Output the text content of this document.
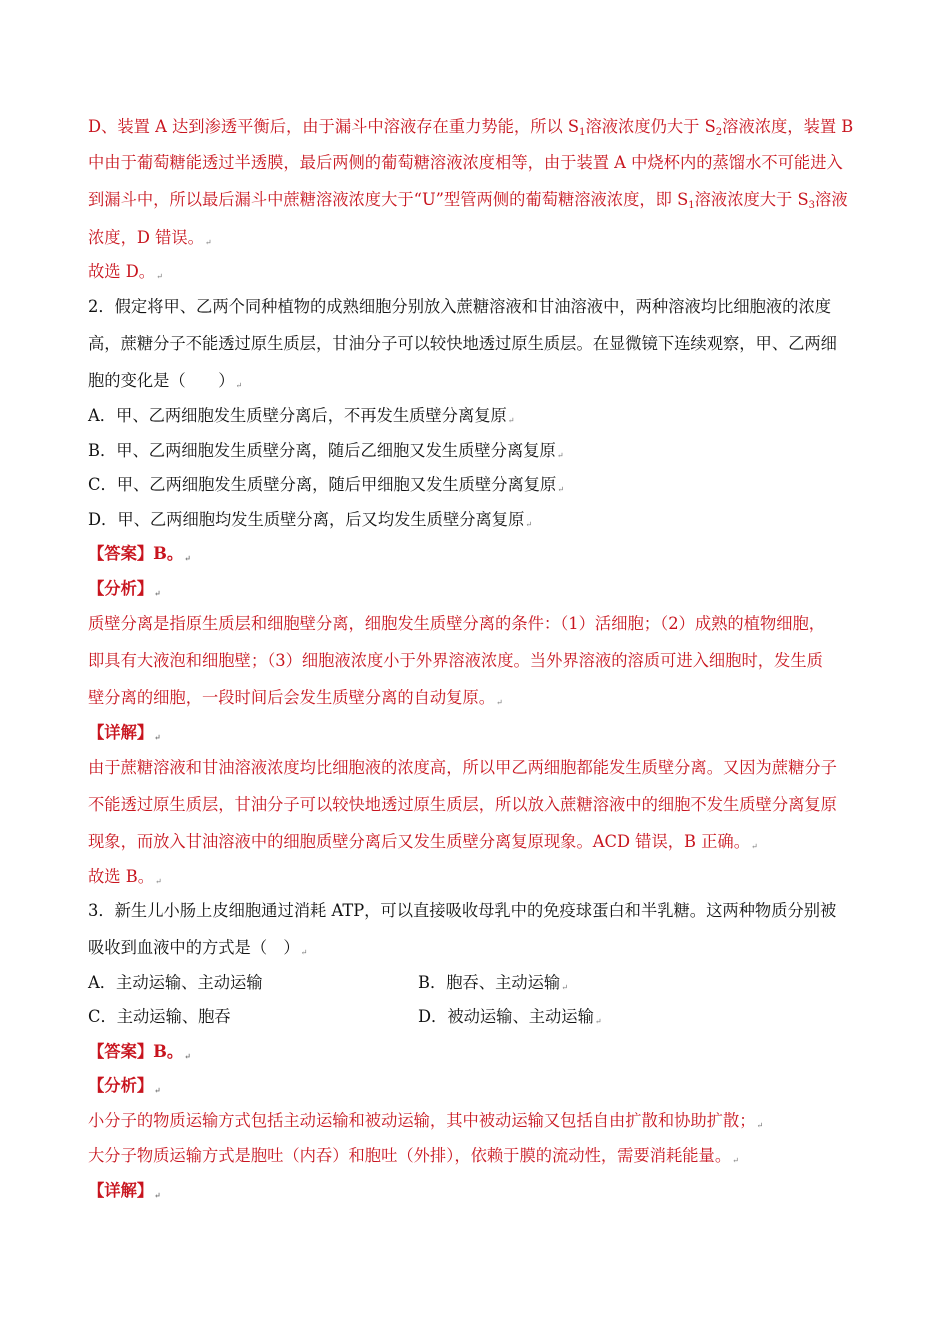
D、装置 A 达到渗透平衡后，由于漏斗中溶液存在重力势能，所以 $S_1$溶液浓度仍大于 $S_2$溶液浓度，装置 B
中由于葡萄糖能透过半透膜，最后两侧的葡萄糖溶液浓度相等，由于装置 A 中烧杯内的蒸馏水不可能进入
到漏斗中，所以最后漏斗中蔗糖溶液浓度大于“U”型管两侧的葡萄糖溶液浓度，即 $S_1$溶液浓度大于 $S_3$溶液
浓度，D 错误。↵
故选 D。↵
2．假定将甲、乙两个同种植物的成熟细胞分别放入蔗糖溶液和甘油溶液中，两种溶液均比细胞液的浓度
高，蔗糖分子不能透过原生质层，甘油分子可以较快地透过原生质层。在显微镜下连续观察，甲、乙两细
胞的变化是（　　）↵
A．甲、乙两细胞发生质壁分离后，不再发生质壁分离复原↵
B．甲、乙两细胞发生质壁分离，随后乙细胞又发生质壁分离复原↵
C．甲、乙两细胞发生质壁分离，随后甲细胞又发生质壁分离复原↵
D．甲、乙两细胞均发生质壁分离，后又均发生质壁分离复原↵
【答案】B。↵
【分析】↵
质壁分离是指原生质层和细胞壁分离，细胞发生质壁分离的条件：（1）活细胞；（2）成熟的植物细胞，
即具有大液泡和细胞壁；（3）细胞液浓度小于外界溶液浓度。当外界溶液的溶质可进入细胞时，发生质
壁分离的细胞，一段时间后会发生质壁分离的自动复原。↵
【详解】↵
由于蔗糖溶液和甘油溶液浓度均比细胞液的浓度高，所以甲乙两细胞都能发生质壁分离。又因为蔗糖分子
不能透过原生质层，甘油分子可以较快地透过原生质层，所以放入蔗糖溶液中的细胞不发生质壁分离复原
现象，而放入甘油溶液中的细胞质壁分离后又发生质壁分离复原现象。ACD 错误，B 正确。↵
故选 B。↵
3．新生儿小肠上皮细胞通过消耗 ATP，可以直接吸收母乳中的免疫球蛋白和半乳糖。这两种物质分别被
吸收到血液中的方式是（　）↵
A．主动运输、主动运输	B．胞吞、主动运输↵
C．主动运输、胞吞	D．被动运输、主动运输↵
【答案】B。↵
【分析】↵
小分子的物质运输方式包括主动运输和被动运输，其中被动运输又包括自由扩散和协助扩散；↵
大分子物质运输方式是胞吐（内吞）和胞吐（外排），依赖于膜的流动性，需要消耗能量。↵
【详解】↵
